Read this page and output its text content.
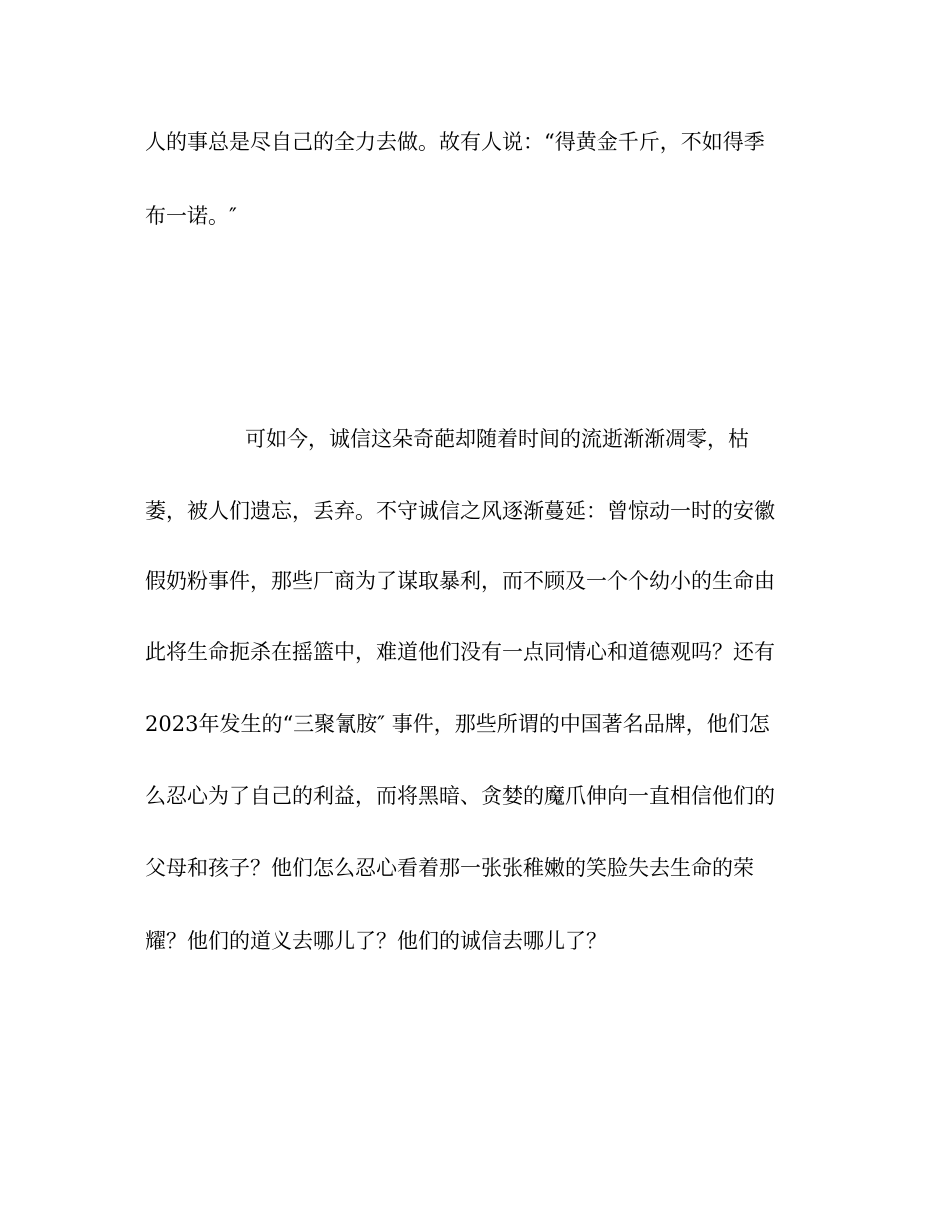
人的事总是尽自己的全力去做。故有人说：“得黄金千斤，不如得季
布一诺。″
可如今，诚信这朵奇葩却随着时间的流逝渐渐凋零，枯
萎，被人们遗忘，丢弃。不守诚信之风逐渐蔓延：曾惊动一时的安徽
假奶粉事件，那些厂商为了谋取暴利，而不顾及一个个幼小的生命由
此将生命扼杀在摇篮中，难道他们没有一点同情心和道德观吗？还有
2023年发生的“三聚氰胺″ 事件，那些所谓的中国著名品牌，他们怎
么忍心为了自己的利益，而将黑暗、贪婪的魔爪伸向一直相信他们的
父母和孩子？他们怎么忍心看着那一张张稚嫩的笑脸失去生命的荣
耀？他们的道义去哪儿了？他们的诚信去哪儿了？
